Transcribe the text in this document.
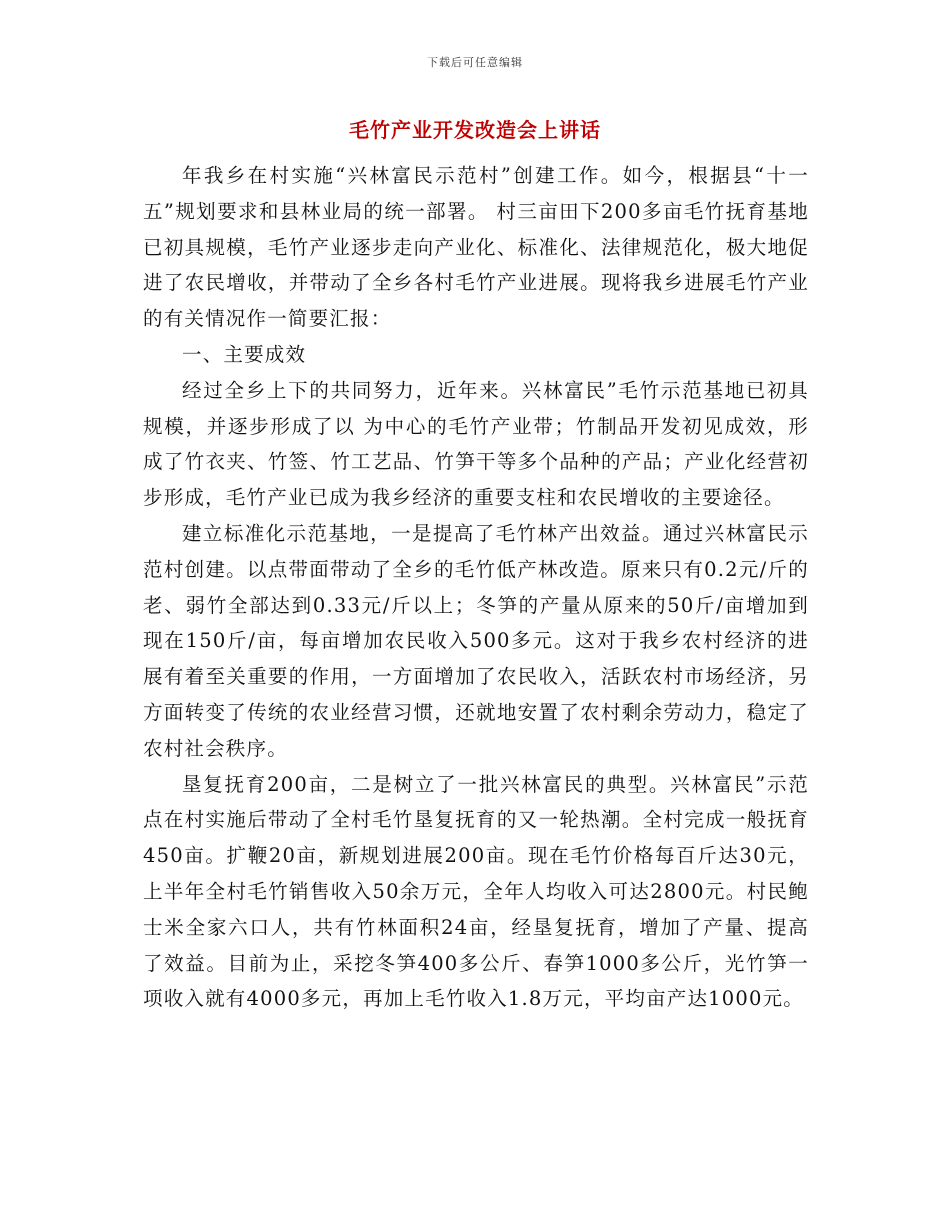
下载后可任意编辑
毛竹产业开发改造会上讲话

年我乡在村实施“兴林富民示范村”创建工作。如今，根据县“十一五”规划要求和县林业局的统一部署。 村三亩田下200多亩毛竹抚育基地已初具规模，毛竹产业逐步走向产业化、标准化、法律规范化，极大地促进了农民增收，并带动了全乡各村毛竹产业进展。现将我乡进展毛竹产业的有关情况作一简要汇报：

一、主要成效

经过全乡上下的共同努力，近年来。兴林富民”毛竹示范基地已初具规模，并逐步形成了以 为中心的毛竹产业带；竹制品开发初见成效，形成了竹衣夹、竹签、竹工艺品、竹笋干等多个品种的产品；产业化经营初步形成，毛竹产业已成为我乡经济的重要支柱和农民增收的主要途径。

建立标准化示范基地，一是提高了毛竹林产出效益。通过兴林富民示范村创建。以点带面带动了全乡的毛竹低产林改造。原来只有0.2元/斤的老、弱竹全部达到0.33元/斤以上；冬笋的产量从原来的50斤/亩增加到现在150斤/亩，每亩增加农民收入500多元。这对于我乡农村经济的进展有着至关重要的作用，一方面增加了农民收入，活跃农村市场经济，另方面转变了传统的农业经营习惯，还就地安置了农村剩余劳动力，稳定了农村社会秩序。

垦复抚育200亩，二是树立了一批兴林富民的典型。兴林富民”示范点在村实施后带动了全村毛竹垦复抚育的又一轮热潮。全村完成一般抚育450亩。扩鞭20亩，新规划进展200亩。现在毛竹价格每百斤达30元，上半年全村毛竹销售收入50余万元，全年人均收入可达2800元。村民鲍士米全家六口人，共有竹林面积24亩，经垦复抚育，增加了产量、提高了效益。目前为止，采挖冬笋400多公斤、春笋1000多公斤，光竹笋一项收入就有4000多元，再加上毛竹收入1.8万元，平均亩产达1000元。
